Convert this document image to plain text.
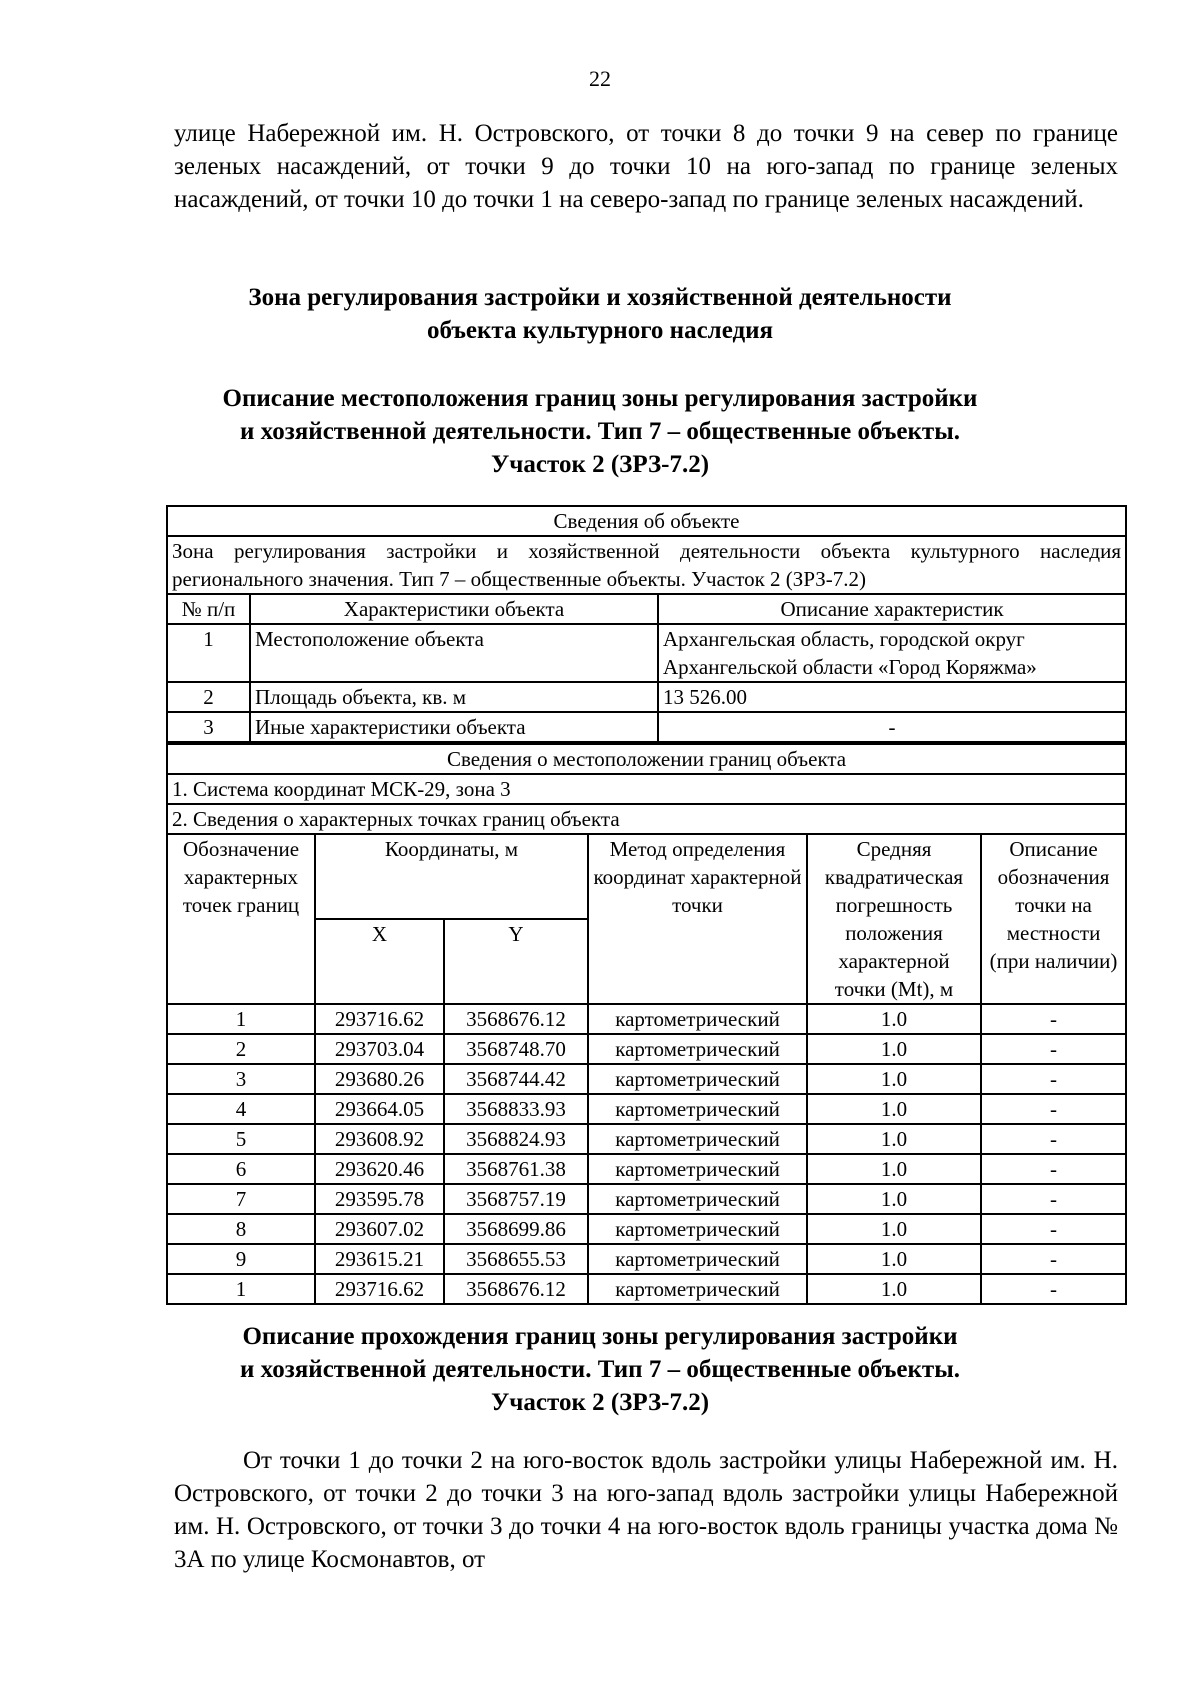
22

улице Набережной им. Н. Островского, от точки 8 до точки 9 на север по границе зеленых насаждений, от точки 9 до точки 10 на юго-запад по границе зеленых насаждений, от точки 10 до точки 1 на северо-запад по границе зеленых насаждений.

Зона регулирования застройки и хозяйственной деятельности
объекта культурного наследия
Описание местоположения границ зоны регулирования застройки
и хозяйственной деятельности. Тип 7 – общественные объекты.
Участок 2 (ЗРЗ-7.2)
Сведения об объекте		
Зона регулирования застройки и хозяйственной деятельности объекта культурного наследия регионального значения. Тип 7 – общественные объекты. Участок 2 (ЗРЗ-7.2)		
№ п/п	Характеристики объекта	Описание характеристик
1	Местоположение объекта	Архангельская область, городской округ Архангельской области «Город Коряжма»
2	Площадь объекта, кв. м	13 526.00
3	Иные характеристики объекта	-
Сведения о местоположении границ объекта					
1. Система координат МСК-29, зона 3					
2. Сведения о характерных точках границ объекта					
Обозначение характерных точек границ	Координаты, м		Метод определения координат характерной точки	Средняя квадратическая погрешность положения характерной точки (Mt), м	Описание обозначения точки на местности (при наличии)
	X	Y			
1	293716.62	3568676.12	картометрический	1.0	-
2	293703.04	3568748.70	картометрический	1.0	-
3	293680.26	3568744.42	картометрический	1.0	-
4	293664.05	3568833.93	картометрический	1.0	-
5	293608.92	3568824.93	картометрический	1.0	-
6	293620.46	3568761.38	картометрический	1.0	-
7	293595.78	3568757.19	картометрический	1.0	-
8	293607.02	3568699.86	картометрический	1.0	-
9	293615.21	3568655.53	картометрический	1.0	-
1	293716.62	3568676.12	картометрический	1.0	-
Описание прохождения границ зоны регулирования застройки
и хозяйственной деятельности. Тип 7 – общественные объекты.
Участок 2 (ЗРЗ-7.2)

От точки 1 до точки 2 на юго-восток вдоль застройки улицы Набережной им. Н. Островского, от точки 2 до точки 3 на юго-запад вдоль застройки улицы Набережной им. Н. Островского, от точки 3 до точки 4 на юго-восток вдоль границы участка дома № 3А по улице Космонавтов, от
